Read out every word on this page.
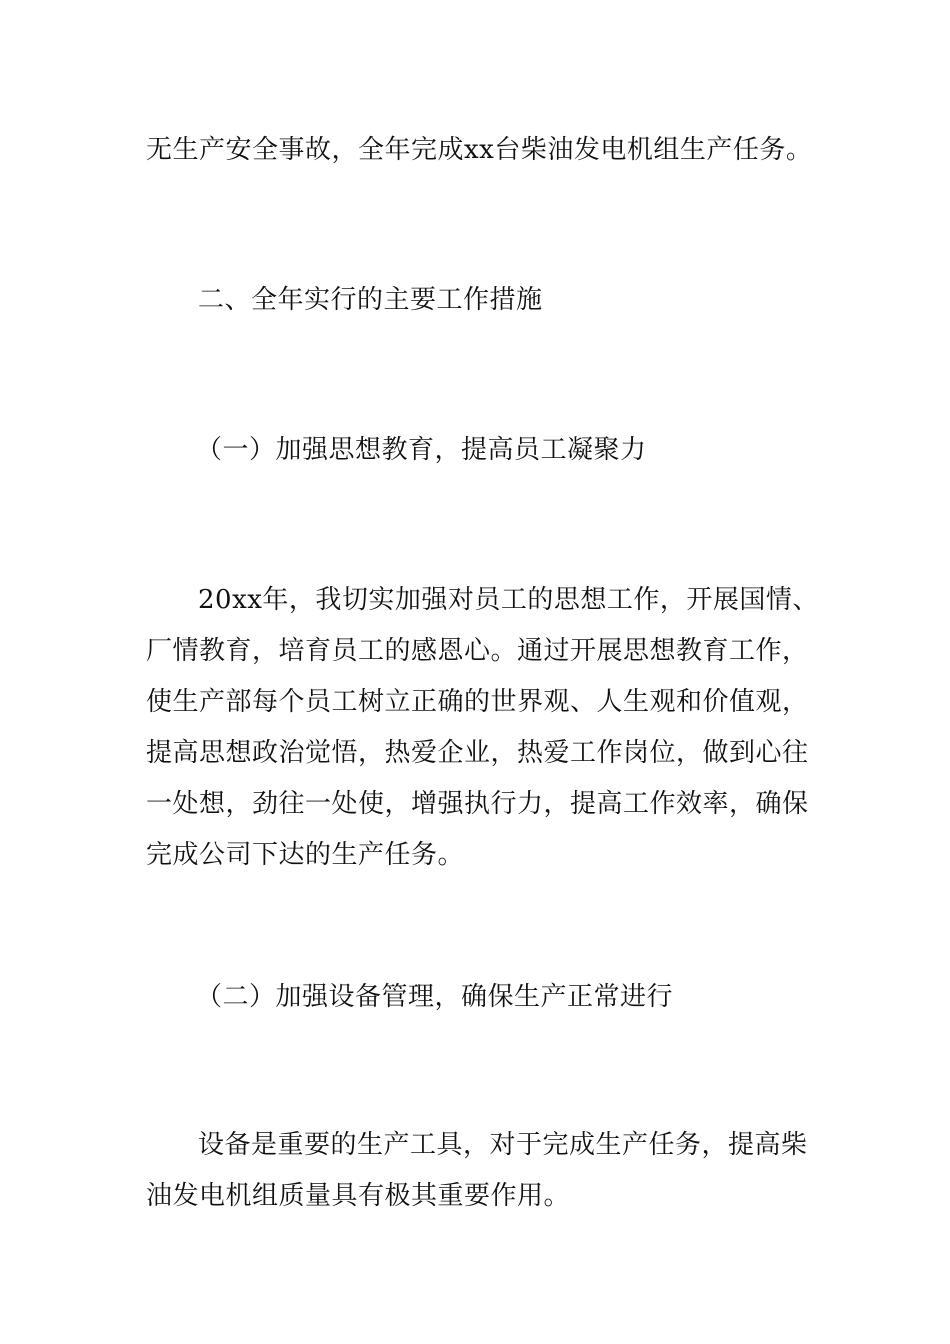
无生产安全事故，全年完成xx台柴油发电机组生产任务。
二、全年实行的主要工作措施
（一）加强思想教育，提高员工凝聚力
20xx年，我切实加强对员工的思想工作，开展国情、
厂情教育，培育员工的感恩心。通过开展思想教育工作，
使生产部每个员工树立正确的世界观、人生观和价值观，
提高思想政治觉悟，热爱企业，热爱工作岗位，做到心往
一处想，劲往一处使，增强执行力，提高工作效率，确保
完成公司下达的生产任务。
（二）加强设备管理，确保生产正常进行
设备是重要的生产工具，对于完成生产任务，提高柴
油发电机组质量具有极其重要作用。
